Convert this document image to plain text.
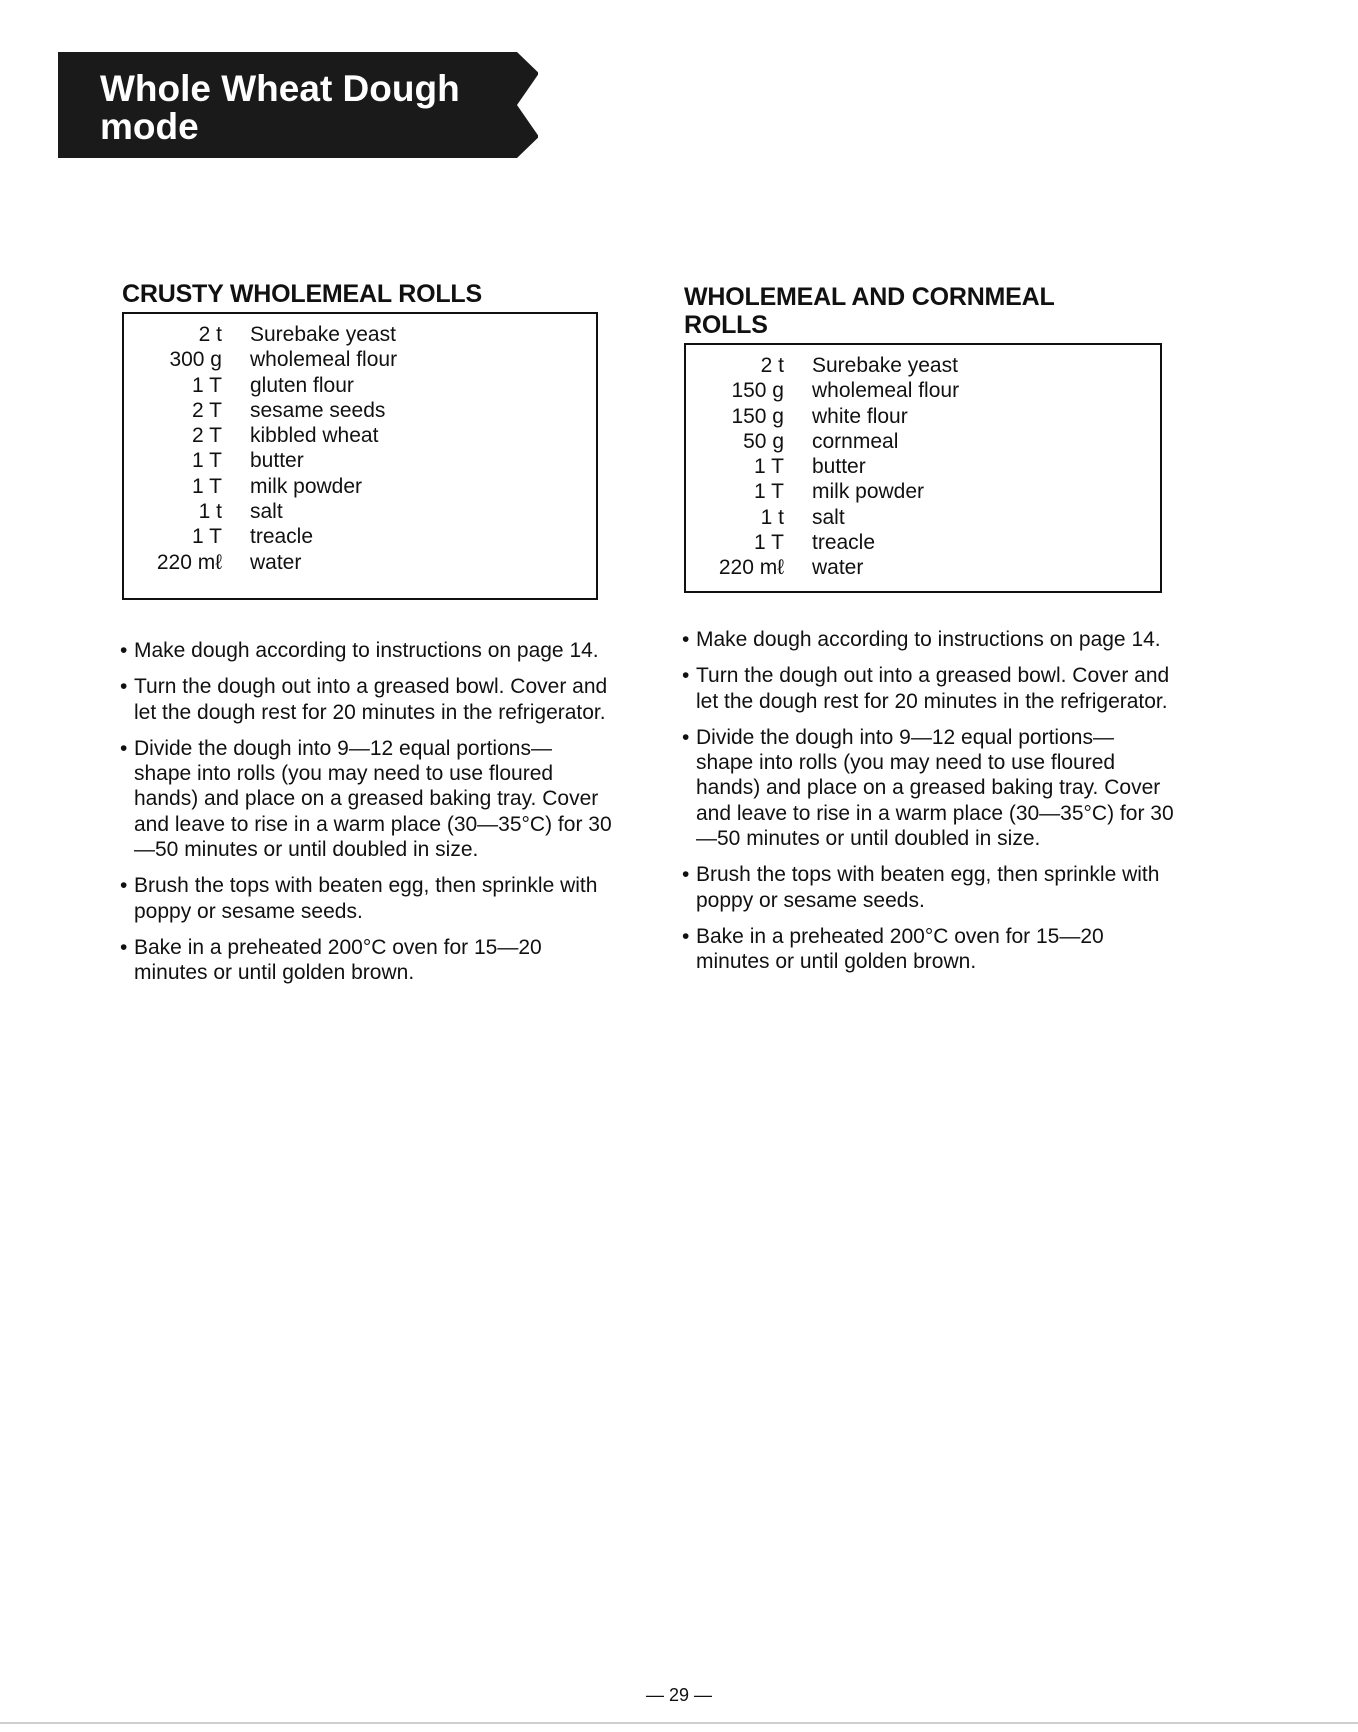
Whole Wheat Dough
mode
CRUSTY WHOLEMEAL ROLLS
2 t	Surebake yeast
300 g	wholemeal flour
1 T	gluten flour
2 T	sesame seeds
2 T	kibbled wheat
1 T	butter
1 T	milk powder
1 t	salt
1 T	treacle
220 mℓ	water
• Make dough according to instructions on page 14.
• Turn the dough out into a greased bowl. Cover and let the dough rest for 20 minutes in the refrigerator.
• Divide the dough into 9—12 equal portions— shape into rolls (you may need to use floured hands) and place on a greased baking tray. Cover and leave to rise in a warm place (30—35°C) for 30—50 minutes or until doubled in size.
• Brush the tops with beaten egg, then sprinkle with poppy or sesame seeds.
• Bake in a preheated 200°C oven for 15—20 minutes or until golden brown.
WHOLEMEAL AND CORNMEAL
ROLLS
2 t	Surebake yeast
150 g	wholemeal flour
150 g	white flour
50 g	cornmeal
1 T	butter
1 T	milk powder
1 t	salt
1 T	treacle
220 mℓ	water
• Make dough according to instructions on page 14.
• Turn the dough out into a greased bowl. Cover and let the dough rest for 20 minutes in the refrigerator.
• Divide the dough into 9—12 equal portions— shape into rolls (you may need to use floured hands) and place on a greased baking tray. Cover and leave to rise in a warm place (30—35°C) for 30—50 minutes or until doubled in size.
• Brush the tops with beaten egg, then sprinkle with poppy or sesame seeds.
• Bake in a preheated 200°C oven for 15—20 minutes or until golden brown.
— 29 —
